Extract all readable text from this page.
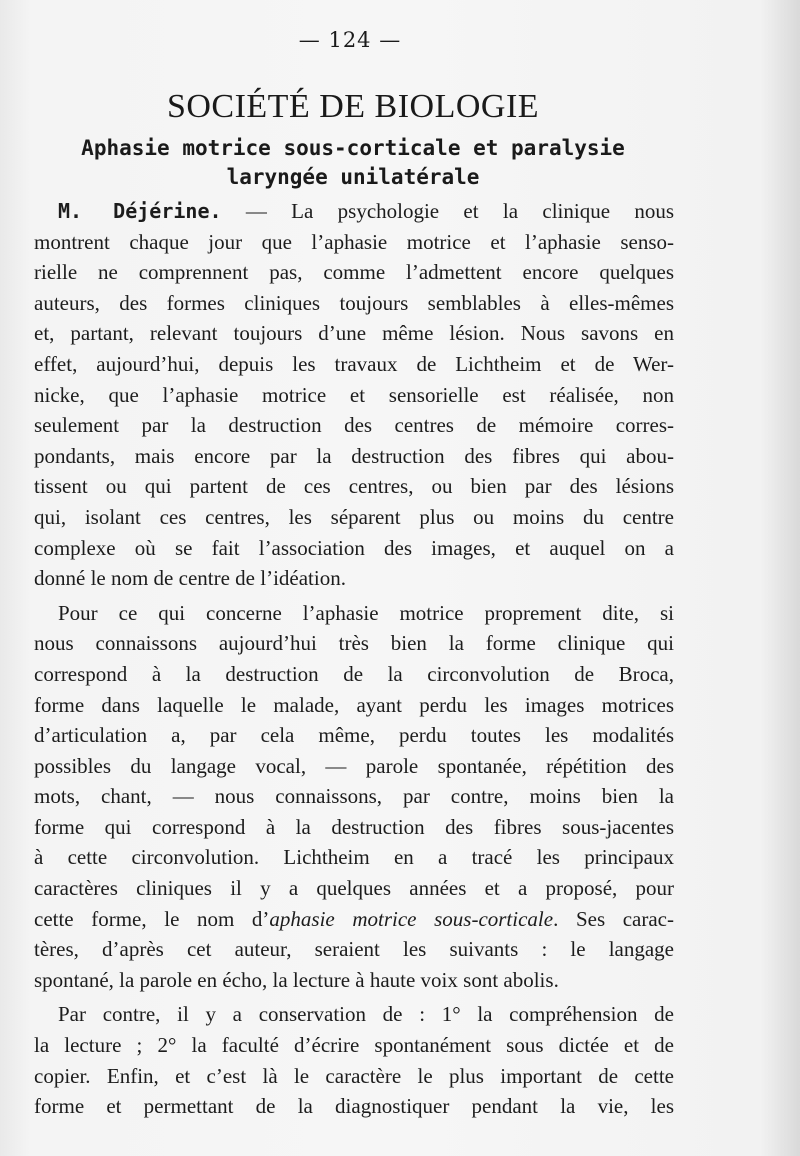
— 124 —
SOCIÉTÉ DE BIOLOGIE
Aphasie motrice sous-corticale et paralysie
laryngée unilatérale
M. Déjérine. — La psychologie et la clinique nous
montrent chaque jour que l’aphasie motrice et l’aphasie senso-
rielle ne comprennent pas, comme l’admettent encore quelques
auteurs, des formes cliniques toujours semblables à elles-mêmes
et, partant, relevant toujours d’une même lésion. Nous savons en
effet, aujourd’hui, depuis les travaux de Lichtheim et de Wer-
nicke, que l’aphasie motrice et sensorielle est réalisée, non
seulement par la destruction des centres de mémoire corres-
pondants, mais encore par la destruction des fibres qui abou-
tissent ou qui partent de ces centres, ou bien par des lésions
qui, isolant ces centres, les séparent plus ou moins du centre
complexe où se fait l’association des images, et auquel on a
donné le nom de centre de l’idéation.
Pour ce qui concerne l’aphasie motrice proprement dite, si
nous connaissons aujourd’hui très bien la forme clinique qui
correspond à la destruction de la circonvolution de Broca,
forme dans laquelle le malade, ayant perdu les images motrices
d’articulation a, par cela même, perdu toutes les modalités
possibles du langage vocal, — parole spontanée, répétition des
mots, chant, — nous connaissons, par contre, moins bien la
forme qui correspond à la destruction des fibres sous-jacentes
à cette circonvolution. Lichtheim en a tracé les principaux
caractères cliniques il y a quelques années et a proposé, pour
cette forme, le nom d’aphasie motrice sous-corticale. Ses carac-
tères, d’après cet auteur, seraient les suivants : le langage
spontané, la parole en écho, la lecture à haute voix sont abolis.
Par contre, il y a conservation de : 1° la compréhension de
la lecture ; 2° la faculté d’écrire spontanément sous dictée et de
copier. Enfin, et c’est là le caractère le plus important de cette
forme et permettant de la diagnostiquer pendant la vie, les
